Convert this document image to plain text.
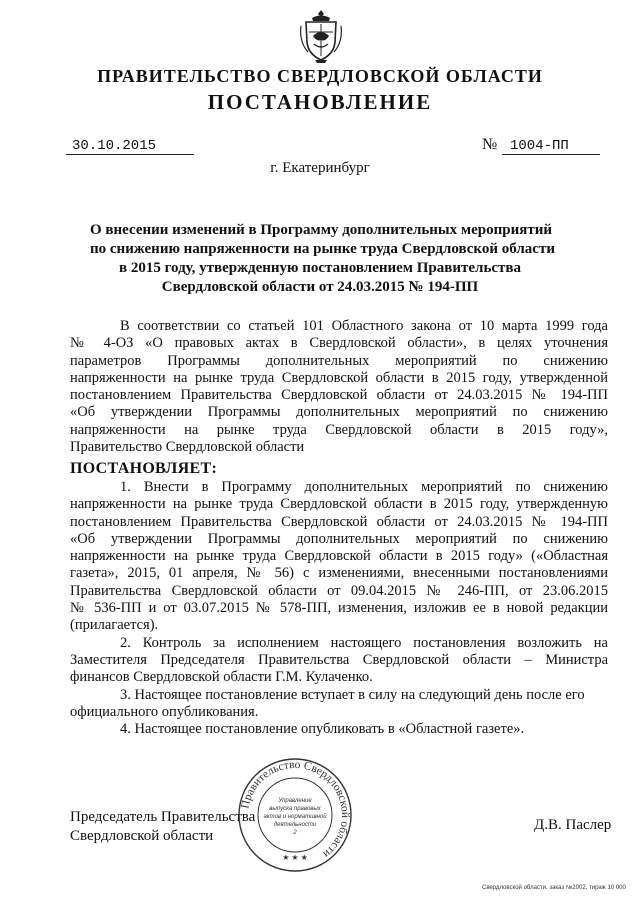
ПРАВИТЕЛЬСТВО СВЕРДЛОВСКОЙ ОБЛАСТИ
ПОСТАНОВЛЕНИЕ
30.10.2015	№ 1004-ПП
г. Екатеринбург
О внесении изменений в Программу дополнительных мероприятий
по снижению напряженности на рынке труда Свердловской области
в 2015 году, утвержденную постановлением Правительства
Свердловской области от 24.03.2015 № 194-ПП
В соответствии со статьей 101 Областного закона от 10 марта 1999 года
№ 4-ОЗ «О правовых актах в Свердловской области», в целях уточнения
параметров Программы дополнительных мероприятий по снижению
напряженности на рынке труда Свердловской области в 2015 году, утвержденной
постановлением Правительства Свердловской области от 24.03.2015 № 194-ПП
«Об утверждении Программы дополнительных мероприятий по снижению
напряженности на рынке труда Свердловской области в 2015 году»,
Правительство Свердловской области
ПОСТАНОВЛЯЕТ:
1. Внести в Программу дополнительных мероприятий по снижению
напряженности на рынке труда Свердловской области в 2015 году, утвержденную
постановлением Правительства Свердловской области от 24.03.2015 № 194-ПП
«Об утверждении Программы дополнительных мероприятий по снижению
напряженности на рынке труда Свердловской области в 2015 году» («Областная
газета», 2015, 01 апреля, № 56) с изменениями, внесенными постановлениями
Правительства Свердловской области от 09.04.2015 № 246-ПП, от 23.06.2015
№ 536-ПП и от 03.07.2015 № 578-ПП, изменения, изложив ее в новой редакции
(прилагается).
2. Контроль за исполнением настоящего постановления возложить на
Заместителя Председателя Правительства Свердловской области – Министра
финансов Свердловской области Г.М. Кулаченко.
3. Настоящее постановление вступает в силу на следующий день после его
официального опубликования.
4. Настоящее постановление опубликовать в «Областной газете».
Председатель Правительства
Свердловской области
Д.В. Паслер
Правительство Свердловской области
Управление
выпуска правовых
актов и нормативной
деятельности
2
★ ★ ★
Свердловской области. заказ №2002, тираж 10 000
